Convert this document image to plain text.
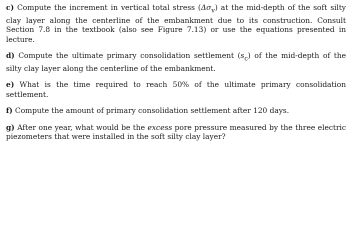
c) Compute the increment in vertical total stress $(\Delta\sigma_v)$ at the mid-depth of the soft silty clay layer along the centerline of the embankment due to its construction. Consult Section 7.8 in the textbook (also see Figure 7.13) or use the equations presented in lecture.

d) Compute the ultimate primary consolidation settlement $(s_c)$ of the mid-depth of the silty clay layer along the centerline of the embankment.

e) What is the time required to reach 50% of the ultimate primary consolidation settlement.

f) Compute the amount of primary consolidation settlement after 120 days.

g) After one year, what would be the excess pore pressure measured by the three electric piezometers that were installed in the soft silty clay layer?
